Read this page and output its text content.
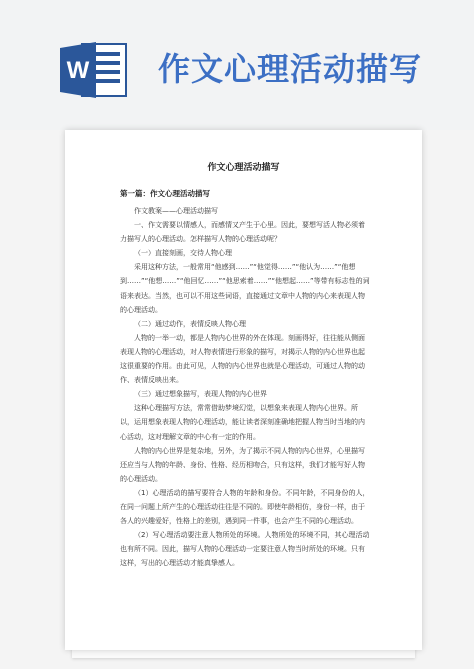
W 作文心理活动描写
作文心理活动描写
第一篇：作文心理活动描写

作文教案——心理活动描写

一、作文需要以情感人，而感情又产生于心里。因此，要想写活人物必须着力描写人的心理活动。怎样描写人物的心理活动呢？

（一）直接刻画，交待人物心理

采用这种方法，一般常用“他感到……”“他觉得……”“他认为……”“他想到……”“他想……”“他回忆……”“他思索着……”“他想起……”等带有标志性的词语来表达。当然，也可以不用这些词语，直接通过文章中人物的内心来表现人物的心理活动。

（二）通过动作，表情反映人物心理

人物的一举一动，都是人物内心世界的外在体现。刻画得好，往往能从侧面表现人物的心理活动，对人物表情进行形象的描写，对揭示人物的内心世界也起这很重要的作用。由此可见，人物的内心世界也就是心理活动，可通过人物的动作、表情反映出来。

（三）通过想象描写，表现人物的内心世界

这种心理描写方法，常常借助梦境幻觉，以想象来表现人物内心世界。所以，运用想象表现人物的心理活动，能让读者深刻准确地把握人物当时当地的内心活动，这对理解文章的中心有一定的作用。

人物的内心世界是复杂地，另外，为了揭示不同人物的内心世界，心里描写还应当与人物的年龄、身份、性格、经历相吻合，只有这样，我们才能写好人物的心理活动。

（1）心理活动的描写要符合人物的年龄和身份。不同年龄，不同身份的人，在同一问题上所产生的心理活动往往是不同的。即使年龄相仿，身份一样，由于各人的兴趣爱好，性格上的差别，遇到同一件事，也会产生不同的心理活动。

（2）写心理活动要注意人物所处的环境。人物所处的环境不同，其心理活动也有所不同。因此，描写人物的心理活动一定要注意人物当时所处的环境。只有这样，写出的心理活动才能真挚感人。
